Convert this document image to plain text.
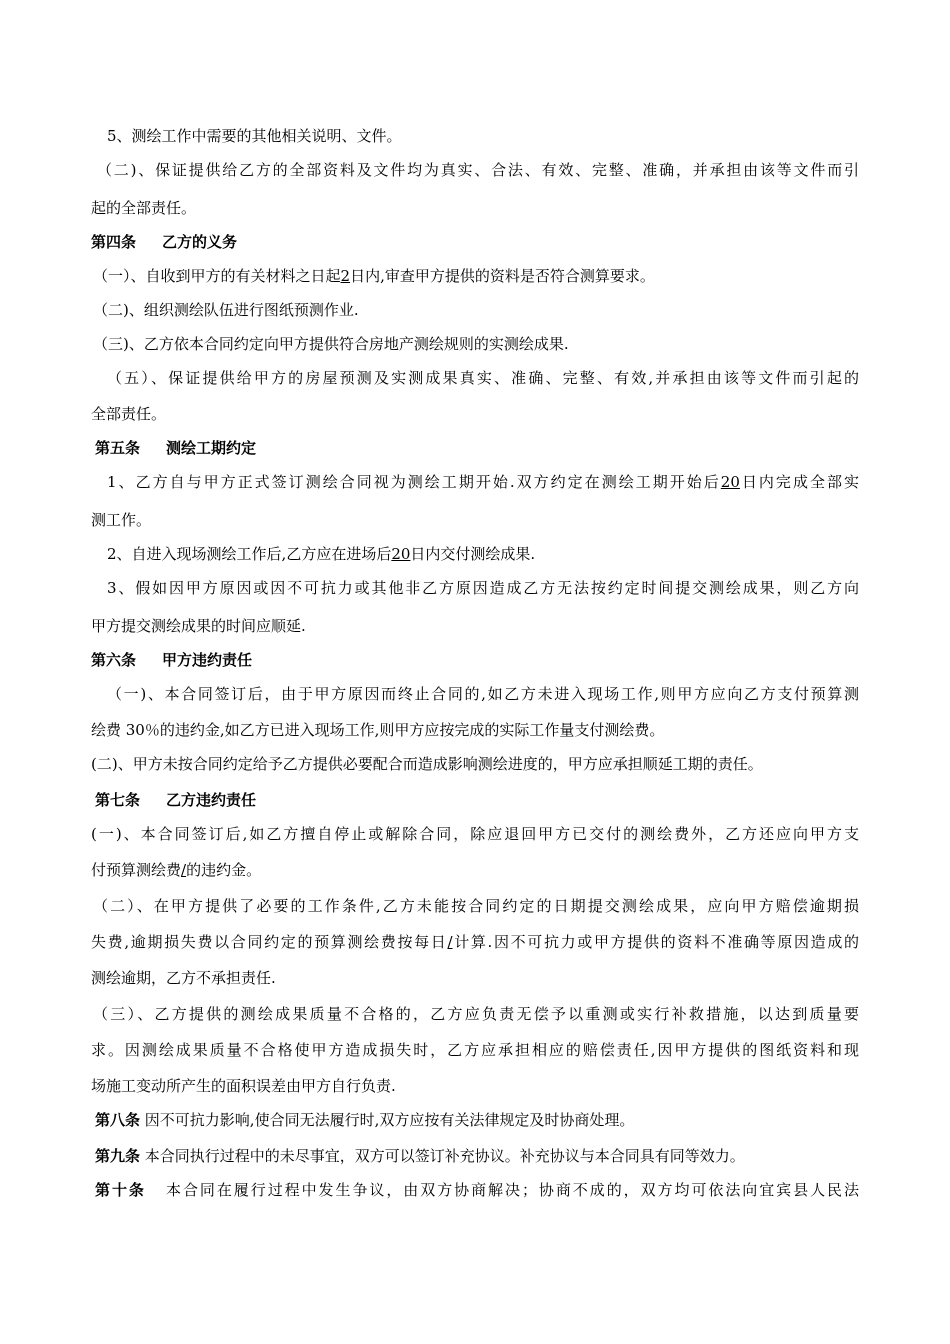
5、测绘工作中需要的其他相关说明、文件。
（二)、保证提供给乙方的全部资料及文件均为真实、合法、有效、完整、准确，并承担由该等文件而引
起的全部责任。
第四条 乙方的义务
（一）、自收到甲方的有关材料之日起2日内,审查甲方提供的资料是否符合测算要求。
（二)、组织测绘队伍进行图纸预测作业.
（三)、乙方依本合同约定向甲方提供符合房地产测绘规则的实测绘成果.
（五）、保证提供给甲方的房屋预测及实测成果真实、准确、完整、有效,并承担由该等文件而引起的
全部责任。
第五条 测绘工期约定
1、乙方自与甲方正式签订测绘合同视为测绘工期开始.双方约定在测绘工期开始后20日内完成全部实
测工作。
2、自进入现场测绘工作后,乙方应在进场后20日内交付测绘成果.
3、假如因甲方原因或因不可抗力或其他非乙方原因造成乙方无法按约定时间提交测绘成果，则乙方向
甲方提交测绘成果的时间应顺延.
第六条 甲方违约责任
（一)、本合同签订后，由于甲方原因而终止合同的,如乙方未进入现场工作,则甲方应向乙方支付预算测
绘费 30％的违约金,如乙方已进入现场工作,则甲方应按完成的实际工作量支付测绘费。
(二)、甲方未按合同约定给予乙方提供必要配合而造成影响测绘进度的，甲方应承担顺延工期的责任。
第七条 乙方违约责任
(一)、本合同签订后,如乙方擅自停止或解除合同，除应退回甲方已交付的测绘费外，乙方还应向甲方支
付预算测绘费/的违约金。
（二）、在甲方提供了必要的工作条件,乙方未能按合同约定的日期提交测绘成果，应向甲方赔偿逾期损
失费,逾期损失费以合同约定的预算测绘费按每日/计算.因不可抗力或甲方提供的资料不准确等原因造成的
测绘逾期，乙方不承担责任.
（三）、乙方提供的测绘成果质量不合格的，乙方应负责无偿予以重测或实行补救措施，以达到质量要
求。因测绘成果质量不合格使甲方造成损失时，乙方应承担相应的赔偿责任,因甲方提供的图纸资料和现
场施工变动所产生的面积误差由甲方自行负责.
第八条 因不可抗力影响,使合同无法履行时,双方应按有关法律规定及时协商处理。
第九条 本合同执行过程中的未尽事宜，双方可以签订补充协议。补充协议与本合同具有同等效力。
第十条 本合同在履行过程中发生争议，由双方协商解决；协商不成的，双方均可依法向宜宾县人民法
